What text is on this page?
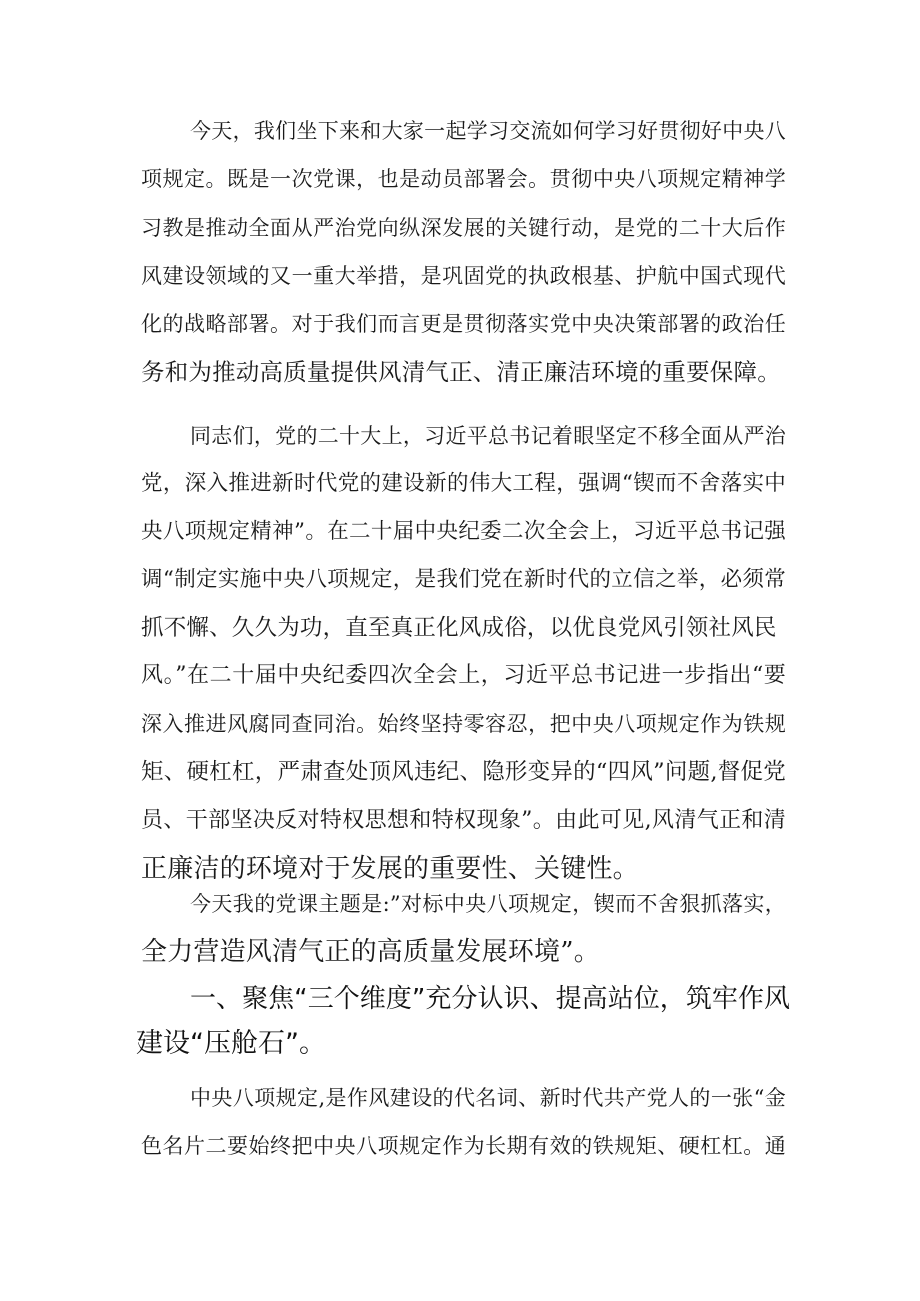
今天，我们坐下来和大家一起学习交流如何学习好贯彻好中央八
项规定。既是一次党课，也是动员部署会。贯彻中央八项规定精神学
习教是推动全面从严治党向纵深发展的关键行动，是党的二十大后作
风建设领域的又一重大举措，是巩固党的执政根基、护航中国式现代
化的战略部署。对于我们而言更是贯彻落实党中央决策部署的政治任
务和为推动高质量提供风清气正、清正廉洁环境的重要保障。
同志们，党的二十大上，习近平总书记着眼坚定不移全面从严治
党，深入推进新时代党的建设新的伟大工程，强调“锲而不舍落实中
央八项规定精神”。在二十届中央纪委二次全会上，习近平总书记强
调“制定实施中央八项规定，是我们党在新时代的立信之举，必须常
抓不懈、久久为功，直至真正化风成俗，以优良党风引领社风民
风。”在二十届中央纪委四次全会上，习近平总书记进一步指出“要
深入推进风腐同查同治。始终坚持零容忍，把中央八项规定作为铁规
矩、硬杠杠，严肃查处顶风违纪、隐形变异的“四风”问题,督促党
员、干部坚决反对特权思想和特权现象”。由此可见,风清气正和清
正廉洁的环境对于发展的重要性、关键性。
今天我的党课主题是:”对标中央八项规定，锲而不舍狠抓落实，
全力营造风清气正的高质量发展环境”。
一、聚焦“三个维度”充分认识、提高站位，筑牢作风
建设“压舱石”。
中央八项规定,是作风建设的代名词、新时代共产党人的一张“金
色名片二要始终把中央八项规定作为长期有效的铁规矩、硬杠杠。通
